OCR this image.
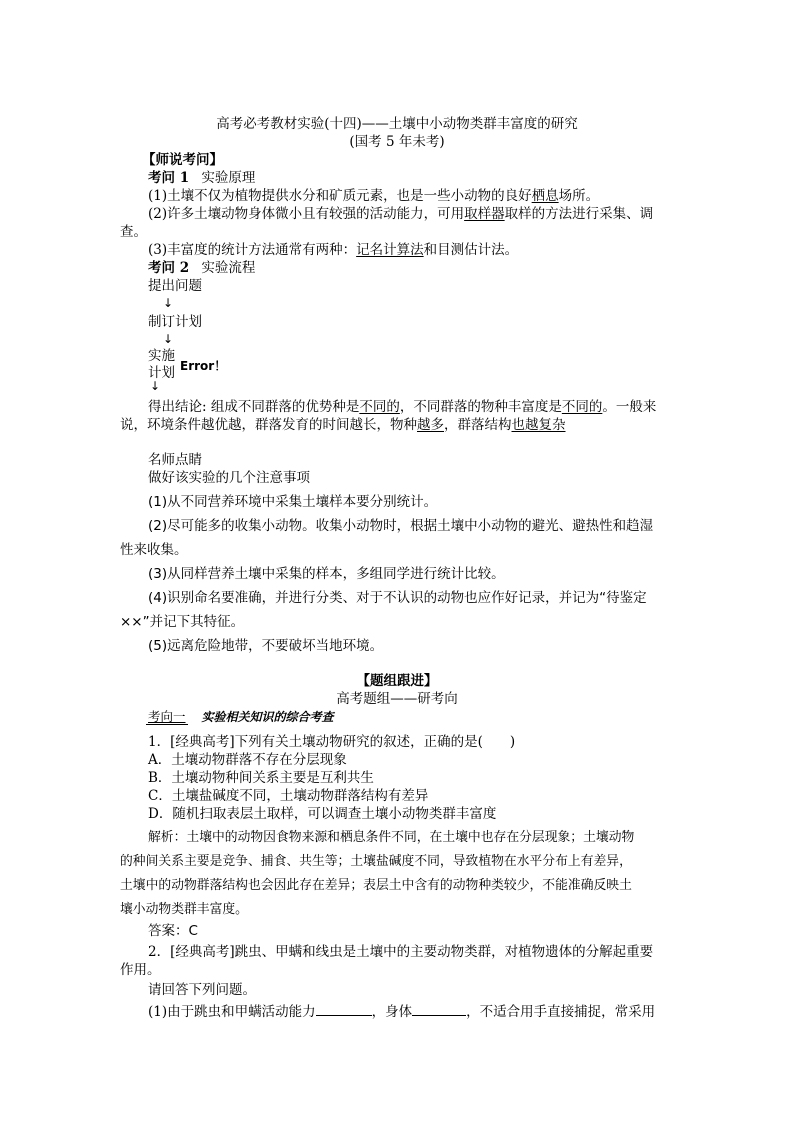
高考必考教材实验(十四)——土壤中小动物类群丰富度的研究
(国考 5 年未考)
【师说考问】
考问 1 实验原理
(1)土壤不仅为植物提供水分和矿质元素，也是一些小动物的良好栖息场所。
(2)许多土壤动物身体微小且有较强的活动能力，可用取样器取样的方法进行采集、调
查。
(3)丰富度的统计方法通常有两种：记名计算法和目测估计法。
考问 2 实验流程
提出问题
↓
制订计划
↓
实施
计划 Error！
↓
得出结论: 组成不同群落的优势种是不同的，不同群落的物种丰富度是不同的。一般来
说，环境条件越优越，群落发育的时间越长，物种越多，群落结构也越复杂
名师点睛
做好该实验的几个注意事项
(1)从不同营养环境中采集土壤样本要分别统计。
(2)尽可能多的收集小动物。收集小动物时，根据土壤中小动物的避光、避热性和趋湿
性来收集。
(3)从同样营养土壤中采集的样本，多组同学进行统计比较。
(4)识别命名要准确，并进行分类、对于不认识的动物也应作好记录，并记为“待鉴定
××”并记下其特征。
(5)远离危险地带，不要破坏当地环境。
【题组跟进】
高考题组——研考向
考向一 实验相关知识的综合考查
1．[经典高考]下列有关土壤动物研究的叙述，正确的是(　　)
A．土壤动物群落不存在分层现象
B．土壤动物种间关系主要是互利共生
C．土壤盐碱度不同，土壤动物群落结构有差异
D．随机扫取表层土取样，可以调查土壤小动物类群丰富度
解析：土壤中的动物因食物来源和栖息条件不同，在土壤中也存在分层现象；土壤动物
的种间关系主要是竞争、捕食、共生等；土壤盐碱度不同，导致植物在水平分布上有差异，
土壤中的动物群落结构也会因此存在差异；表层土中含有的动物种类较少，不能准确反映土
壤小动物类群丰富度。
答案：C
2．[经典高考]跳虫、甲螨和线虫是土壤中的主要动物类群，对植物遗体的分解起重要
作用。
请回答下列问题。
(1)由于跳虫和甲螨活动能力	，身体	，不适合用手直接捕捉，常采用
